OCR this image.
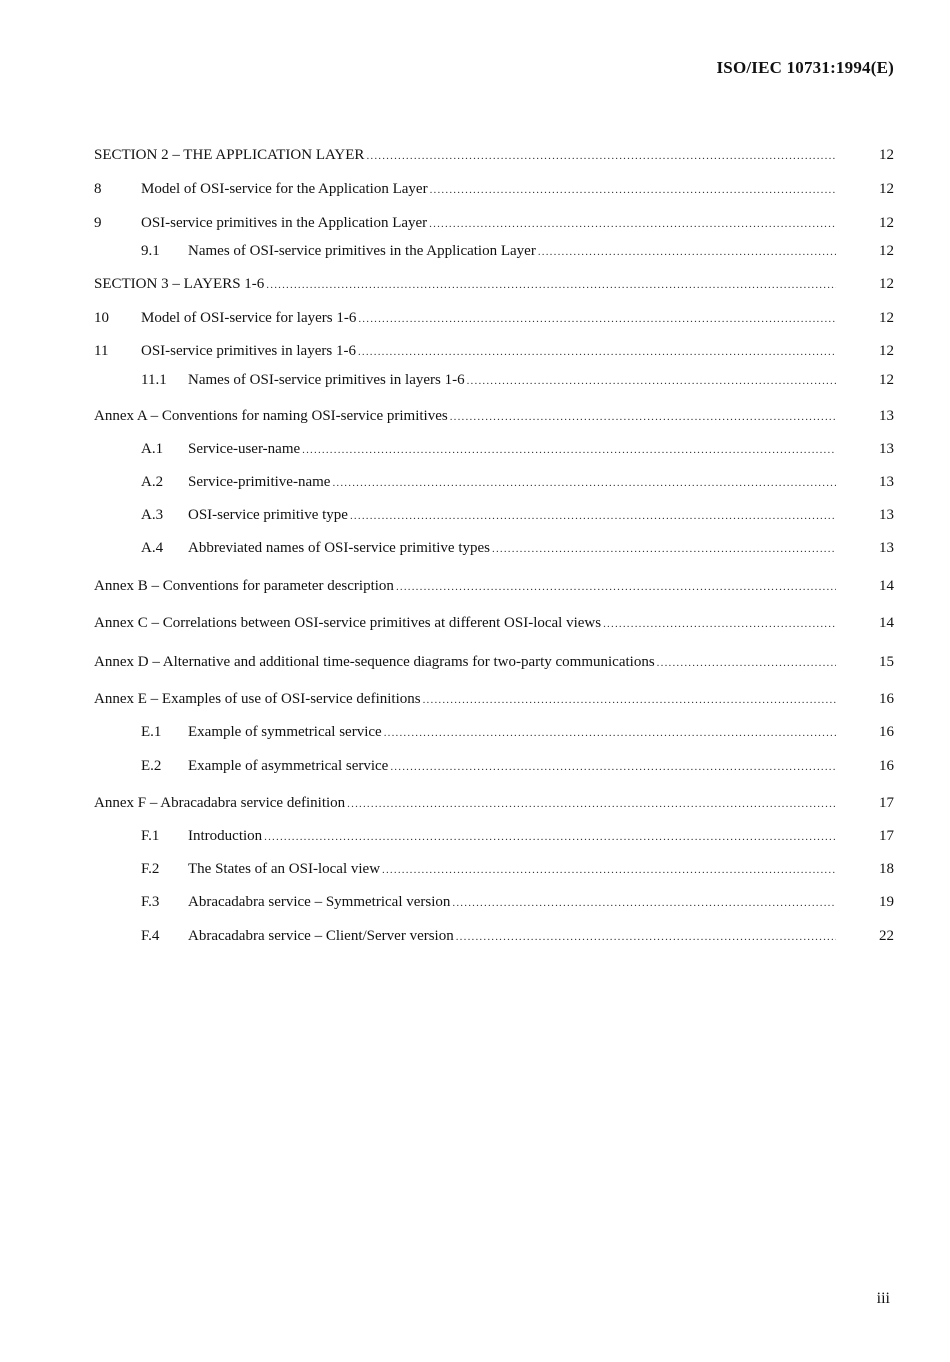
ISO/IEC 10731:1994(E)
SECTION 2 – THE APPLICATION LAYER .....	12
8	Model of OSI-service for the Application Layer .....	12
9	OSI-service primitives in the Application Layer .....	12
9.1	Names of OSI-service primitives in the Application Layer .....	12
SECTION 3 – LAYERS 1-6 .....	12
10	Model of OSI-service for layers 1-6 .....	12
11	OSI-service primitives in layers 1-6 .....	12
11.1	Names of OSI-service primitives in layers 1-6 .....	12
Annex A – Conventions for naming OSI-service primitives .....	13
A.1	Service-user-name .....	13
A.2	Service-primitive-name .....	13
A.3	OSI-service primitive type .....	13
A.4	Abbreviated names of OSI-service primitive types .....	13
Annex B – Conventions for parameter description .....	14
Annex C – Correlations between OSI-service primitives at different OSI-local views .....	14
Annex D – Alternative and additional time-sequence diagrams for two-party communications .....	15
Annex E – Examples of use of OSI-service definitions .....	16
E.1	Example of symmetrical service .....	16
E.2	Example of asymmetrical service .....	16
Annex F – Abracadabra service definition .....	17
F.1	Introduction .....	17
F.2	The States of an OSI-local view .....	18
F.3	Abracadabra service – Symmetrical version .....	19
F.4	Abracadabra service – Client/Server version .....	22
iii
